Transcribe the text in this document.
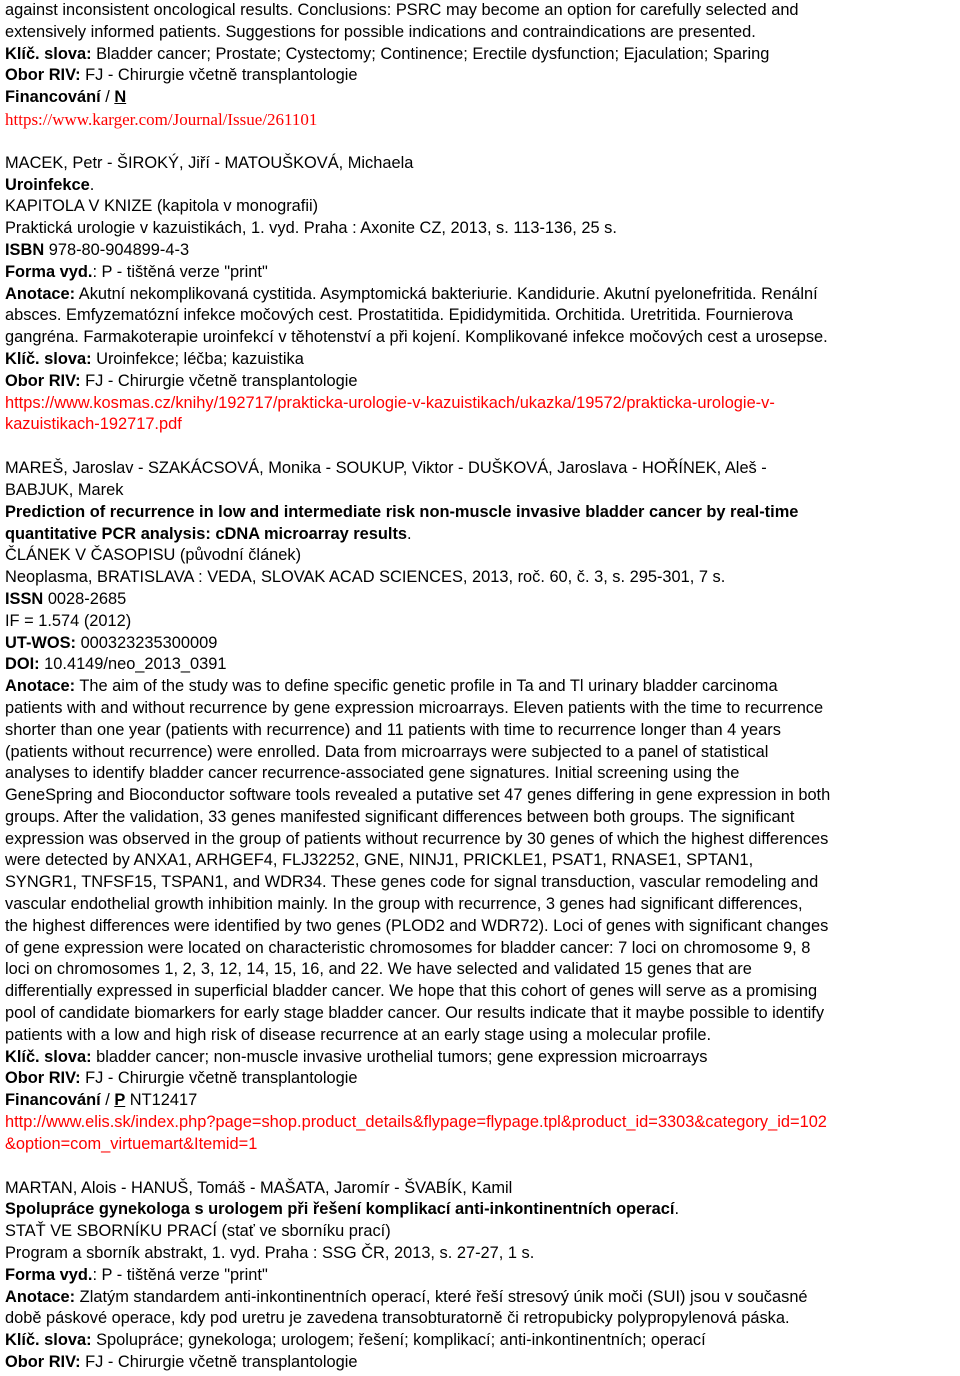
against inconsistent oncological results. Conclusions: PSRC may become an option for carefully selected and
extensively informed patients. Suggestions for possible indications and contraindications are presented.
Klíč. slova: Bladder cancer; Prostate; Cystectomy; Continence; Erectile dysfunction; Ejaculation; Sparing
Obor RIV: FJ - Chirurgie včetně transplantologie
Financování / N
https://www.karger.com/Journal/Issue/261101
MACEK, Petr - ŠIROKÝ, Jiří - MATOUŠKOVÁ, Michaela
Uroinfekce.
KAPITOLA V KNIZE (kapitola v monografii)
Praktická urologie v kazuistikách, 1. vyd. Praha : Axonite CZ, 2013, s. 113-136, 25 s.
ISBN 978-80-904899-4-3
Forma vyd.: P - tištěná verze "print"
Anotace: Akutní nekomplikovaná cystitida. Asymptomická bakteriurie. Kandidurie. Akutní pyelonefritida. Renální
absces. Emfyzematózní infekce močových cest. Prostatitida. Epididymitida. Orchitida. Uretritida. Fournierova
gangréna. Farmakoterapie uroinfekcí v těhotenství a při kojení. Komplikované infekce močových cest a urosepse.
Klíč. slova: Uroinfekce; léčba; kazuistika
Obor RIV: FJ - Chirurgie včetně transplantologie
https://www.kosmas.cz/knihy/192717/prakticka-urologie-v-kazuistikach/ukazka/19572/prakticka-urologie-v-
kazuistikach-192717.pdf
MAREŠ, Jaroslav - SZAKÁCSOVÁ, Monika - SOUKUP, Viktor - DUŠKOVÁ, Jaroslava - HOŘÍNEK, Aleš -
BABJUK, Marek
Prediction of recurrence in low and intermediate risk non-muscle invasive bladder cancer by real-time
quantitative PCR analysis: cDNA microarray results.
ČLÁNEK V ČASOPISU (původní článek)
Neoplasma, BRATISLAVA : VEDA, SLOVAK ACAD SCIENCES, 2013, roč. 60, č. 3, s. 295-301, 7 s.
ISSN 0028-2685
IF = 1.574 (2012)
UT-WOS: 000323235300009
DOI: 10.4149/neo_2013_0391
Anotace: The aim of the study was to define specific genetic profile in Ta and Tl urinary bladder carcinoma
patients with and without recurrence by gene expression microarrays. Eleven patients with the time to recurrence
shorter than one year (patients with recurrence) and 11 patients with time to recurrence longer than 4 years
(patients without recurrence) were enrolled. Data from microarrays were subjected to a panel of statistical
analyses to identify bladder cancer recurrence-associated gene signatures. Initial screening using the
GeneSpring and Bioconductor software tools revealed a putative set 47 genes differing in gene expression in both
groups. After the validation, 33 genes manifested significant differences between both groups. The significant
expression was observed in the group of patients without recurrence by 30 genes of which the highest differences
were detected by ANXA1, ARHGEF4, FLJ32252, GNE, NINJ1, PRICKLE1, PSAT1, RNASE1, SPTAN1,
SYNGR1, TNFSF15, TSPAN1, and WDR34. These genes code for signal transduction, vascular remodeling and
vascular endothelial growth inhibition mainly. In the group with recurrence, 3 genes had significant differences,
the highest differences were identified by two genes (PLOD2 and WDR72). Loci of genes with significant changes
of gene expression were located on characteristic chromosomes for bladder cancer: 7 loci on chromosome 9, 8
loci on chromosomes 1, 2, 3, 12, 14, 15, 16, and 22. We have selected and validated 15 genes that are
differentially expressed in superficial bladder cancer. We hope that this cohort of genes will serve as a promising
pool of candidate biomarkers for early stage bladder cancer. Our results indicate that it maybe possible to identify
patients with a low and high risk of disease recurrence at an early stage using a molecular profile.
Klíč. slova: bladder cancer; non-muscle invasive urothelial tumors; gene expression microarrays
Obor RIV: FJ - Chirurgie včetně transplantologie
Financování / P NT12417
http://www.elis.sk/index.php?page=shop.product_details&flypage=flypage.tpl&product_id=3303&category_id=102
&option=com_virtuemart&Itemid=1
MARTAN, Alois - HANUŠ, Tomáš - MAŠATA, Jaromír - ŠVABÍK, Kamil
Spolupráce gynekologa s urologem při řešení komplikací anti-inkontinentních operací.
STAŤ VE SBORNÍKU PRACÍ (stať ve sborníku prací)
Program a sborník abstrakt, 1. vyd. Praha : SSG ČR, 2013, s. 27-27, 1 s.
Forma vyd.: P - tištěná verze "print"
Anotace: Zlatým standardem anti-inkontinentních operací, které řeší stresový únik moči (SUI) jsou v současné
době páskové operace, kdy pod uretru je zavedena transobturatorně či retropubicky polypropylenová páska.
Klíč. slova: Spolupráce; gynekologa; urologem; řešení; komplikací; anti-inkontinentních; operací
Obor RIV: FJ - Chirurgie včetně transplantologie
